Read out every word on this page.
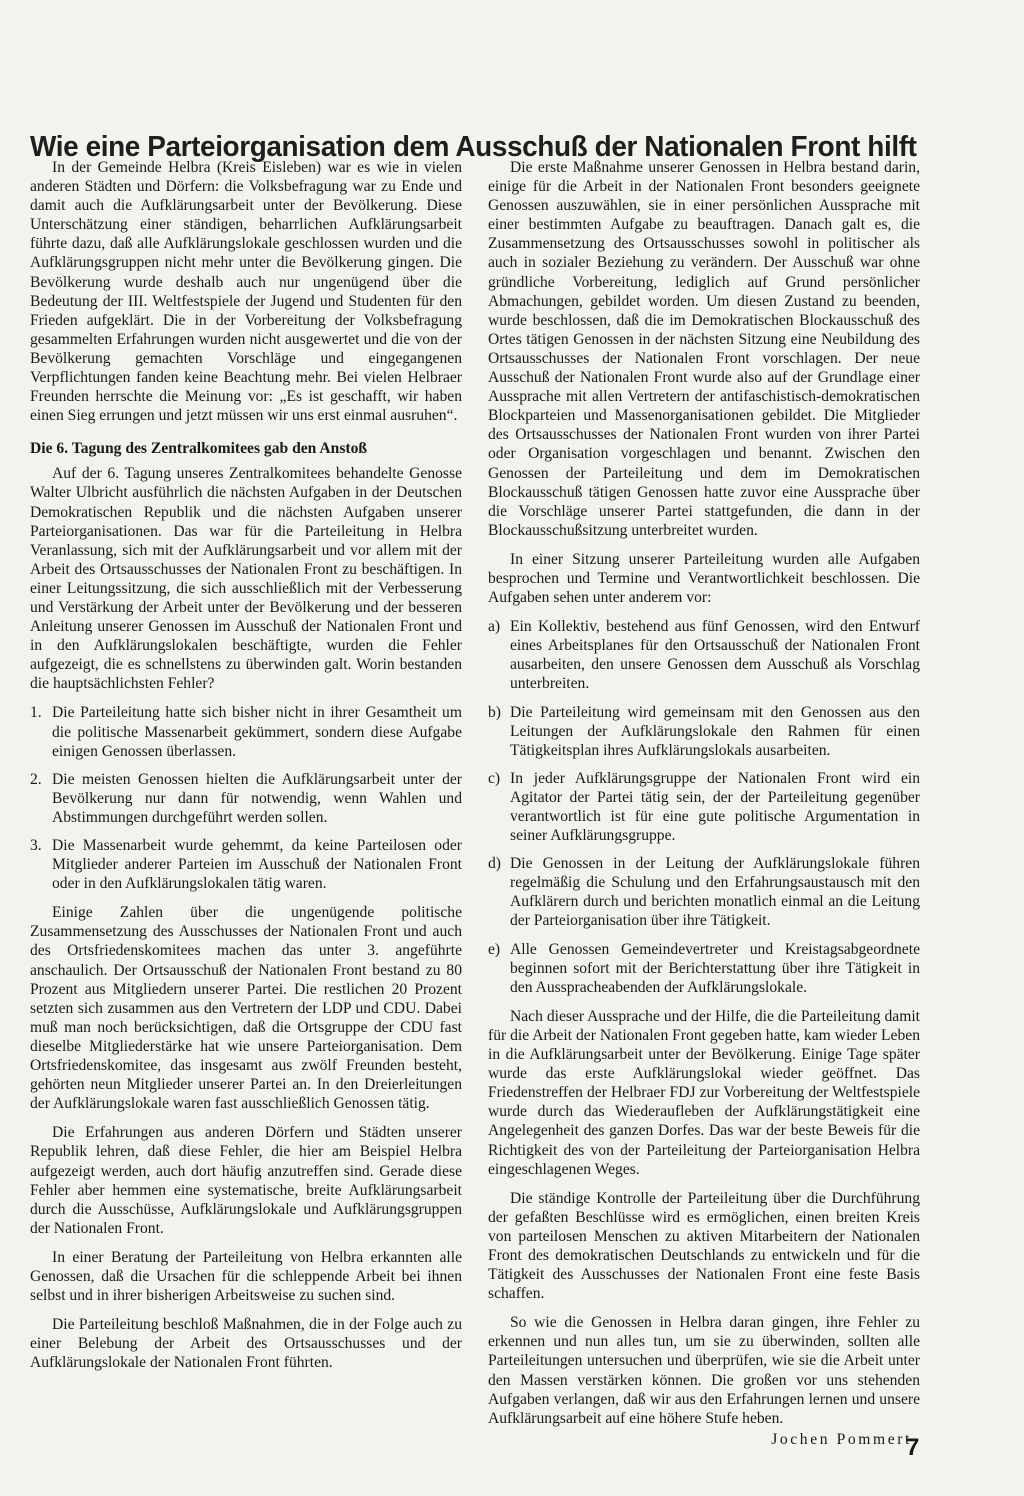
Wie eine Parteiorganisation dem Ausschuß der Nationalen Front hilft

In der Gemeinde Helbra (Kreis Eisleben) war es wie in vielen anderen Städten und Dörfern: die Volksbefragung war zu Ende und damit auch die Aufklärungsarbeit unter der Bevölkerung. Diese Unterschätzung einer ständigen, beharrlichen Aufklärungsarbeit führte dazu, daß alle Aufklärungslokale geschlossen wurden und die Aufklärungsgruppen nicht mehr unter die Bevölkerung gingen. Die Bevölkerung wurde deshalb auch nur ungenügend über die Bedeutung der III. Weltfestspiele der Jugend und Studenten für den Frieden aufgeklärt. Die in der Vorbereitung der Volksbefragung gesammelten Erfahrungen wurden nicht ausgewertet und die von der Bevölkerung gemachten Vorschläge und eingegangenen Verpflichtungen fanden keine Beachtung mehr. Bei vielen Helbraer Freunden herrschte die Meinung vor: „Es ist geschafft, wir haben einen Sieg errungen und jetzt müssen wir uns erst einmal ausruhen“.

Die 6. Tagung des Zentralkomitees gab den Anstoß

Auf der 6. Tagung unseres Zentralkomitees behandelte Genosse Walter Ulbricht ausführlich die nächsten Aufgaben in der Deutschen Demokratischen Republik und die nächsten Aufgaben unserer Parteiorganisationen. Das war für die Parteileitung in Helbra Veranlassung, sich mit der Aufklärungsarbeit und vor allem mit der Arbeit des Ortsausschusses der Nationalen Front zu beschäftigen. In einer Leitungssitzung, die sich ausschließlich mit der Verbesserung und Verstärkung der Arbeit unter der Bevölkerung und der besseren Anleitung unserer Genossen im Ausschuß der Nationalen Front und in den Aufklärungslokalen beschäftigte, wurden die Fehler aufgezeigt, die es schnellstens zu überwinden galt. Worin bestanden die hauptsächlichsten Fehler?

1. Die Parteileitung hatte sich bisher nicht in ihrer Gesamtheit um die politische Massenarbeit gekümmert, sondern diese Aufgabe einigen Genossen überlassen.
2. Die meisten Genossen hielten die Aufklärungsarbeit unter der Bevölkerung nur dann für notwendig, wenn Wahlen und Abstimmungen durchgeführt werden sollen.
3. Die Massenarbeit wurde gehemmt, da keine Parteilosen oder Mitglieder anderer Parteien im Ausschuß der Nationalen Front oder in den Aufklärungslokalen tätig waren.

Einige Zahlen über die ungenügende politische Zusammensetzung des Ausschusses der Nationalen Front und auch des Ortsfriedenskomitees machen das unter 3. angeführte anschaulich. Der Ortsausschuß der Nationalen Front bestand zu 80 Prozent aus Mitgliedern unserer Partei. Die restlichen 20 Prozent setzten sich zusammen aus den Vertretern der LDP und CDU. Dabei muß man noch berücksichtigen, daß die Ortsgruppe der CDU fast dieselbe Mitgliederstärke hat wie unsere Parteiorganisation. Dem Ortsfriedenskomitee, das insgesamt aus zwölf Freunden besteht, gehörten neun Mitglieder unserer Partei an. In den Dreierleitungen der Aufklärungslokale waren fast ausschließlich Genossen tätig.

Die Erfahrungen aus anderen Dörfern und Städten unserer Republik lehren, daß diese Fehler, die hier am Beispiel Helbra aufgezeigt werden, auch dort häufig anzutreffen sind. Gerade diese Fehler aber hemmen eine systematische, breite Aufklärungsarbeit durch die Ausschüsse, Aufklärungslokale und Aufklärungsgruppen der Nationalen Front.

In einer Beratung der Parteileitung von Helbra erkannten alle Genossen, daß die Ursachen für die schleppende Arbeit bei ihnen selbst und in ihrer bisherigen Arbeitsweise zu suchen sind.

Die Parteileitung beschloß Maßnahmen, die in der Folge auch zu einer Belebung der Arbeit des Ortsausschusses und der Aufklärungslokale der Nationalen Front führten.

Die erste Maßnahme unserer Genossen in Helbra bestand darin, einige für die Arbeit in der Nationalen Front besonders geeignete Genossen auszuwählen, sie in einer persönlichen Aussprache mit einer bestimmten Aufgabe zu beauftragen. Danach galt es, die Zusammensetzung des Ortsausschusses sowohl in politischer als auch in sozialer Beziehung zu verändern. Der Ausschuß war ohne gründliche Vorbereitung, lediglich auf Grund persönlicher Abmachungen, gebildet worden. Um diesen Zustand zu beenden, wurde beschlossen, daß die im Demokratischen Blockausschuß des Ortes tätigen Genossen in der nächsten Sitzung eine Neubildung des Ortsausschusses der Nationalen Front vorschlagen. Der neue Ausschuß der Nationalen Front wurde also auf der Grundlage einer Aussprache mit allen Vertretern der antifaschistisch-demokratischen Blockparteien und Massenorganisationen gebildet. Die Mitglieder des Ortsausschusses der Nationalen Front wurden von ihrer Partei oder Organisation vorgeschlagen und benannt. Zwischen den Genossen der Parteileitung und dem im Demokratischen Blockausschuß tätigen Genossen hatte zuvor eine Aussprache über die Vorschläge unserer Partei stattgefunden, die dann in der Blockausschußsitzung unterbreitet wurden.

In einer Sitzung unserer Parteileitung wurden alle Aufgaben besprochen und Termine und Verantwortlichkeit beschlossen. Die Aufgaben sehen unter anderem vor:

a) Ein Kollektiv, bestehend aus fünf Genossen, wird den Entwurf eines Arbeitsplanes für den Ortsausschuß der Nationalen Front ausarbeiten, den unsere Genossen dem Ausschuß als Vorschlag unterbreiten.
b) Die Parteileitung wird gemeinsam mit den Genossen aus den Leitungen der Aufklärungslokale den Rahmen für einen Tätigkeitsplan ihres Aufklärungslokals ausarbeiten.
c) In jeder Aufklärungsgruppe der Nationalen Front wird ein Agitator der Partei tätig sein, der der Parteileitung gegenüber verantwortlich ist für eine gute politische Argumentation in seiner Aufklärungsgruppe.
d) Die Genossen in der Leitung der Aufklärungslokale führen regelmäßig die Schulung und den Erfahrungsaustausch mit den Aufklärern durch und berichten monatlich einmal an die Leitung der Parteiorganisation über ihre Tätigkeit.
e) Alle Genossen Gemeindevertreter und Kreistagsabgeordnete beginnen sofort mit der Berichterstattung über ihre Tätigkeit in den Ausspracheabenden der Aufklärungslokale.

Nach dieser Aussprache und der Hilfe, die die Parteileitung damit für die Arbeit der Nationalen Front gegeben hatte, kam wieder Leben in die Aufklärungsarbeit unter der Bevölkerung. Einige Tage später wurde das erste Aufklärungslokal wieder geöffnet. Das Friedenstreffen der Helbraer FDJ zur Vorbereitung der Weltfestspiele wurde durch das Wiederaufleben der Aufklärungstätigkeit eine Angelegenheit des ganzen Dorfes. Das war der beste Beweis für die Richtigkeit des von der Parteileitung der Parteiorganisation Helbra eingeschlagenen Weges.

Die ständige Kontrolle der Parteileitung über die Durchführung der gefaßten Beschlüsse wird es ermöglichen, einen breiten Kreis von parteilosen Menschen zu aktiven Mitarbeitern der Nationalen Front des demokratischen Deutschlands zu entwickeln und für die Tätigkeit des Ausschusses der Nationalen Front eine feste Basis schaffen.

So wie die Genossen in Helbra daran gingen, ihre Fehler zu erkennen und nun alles tun, um sie zu überwinden, sollten alle Parteileitungen untersuchen und überprüfen, wie sie die Arbeit unter den Massen verstärken können. Die großen vor uns stehenden Aufgaben verlangen, daß wir aus den Erfahrungen lernen und unsere Aufklärungsarbeit auf eine höhere Stufe heben.

Jochen Pommert
7
